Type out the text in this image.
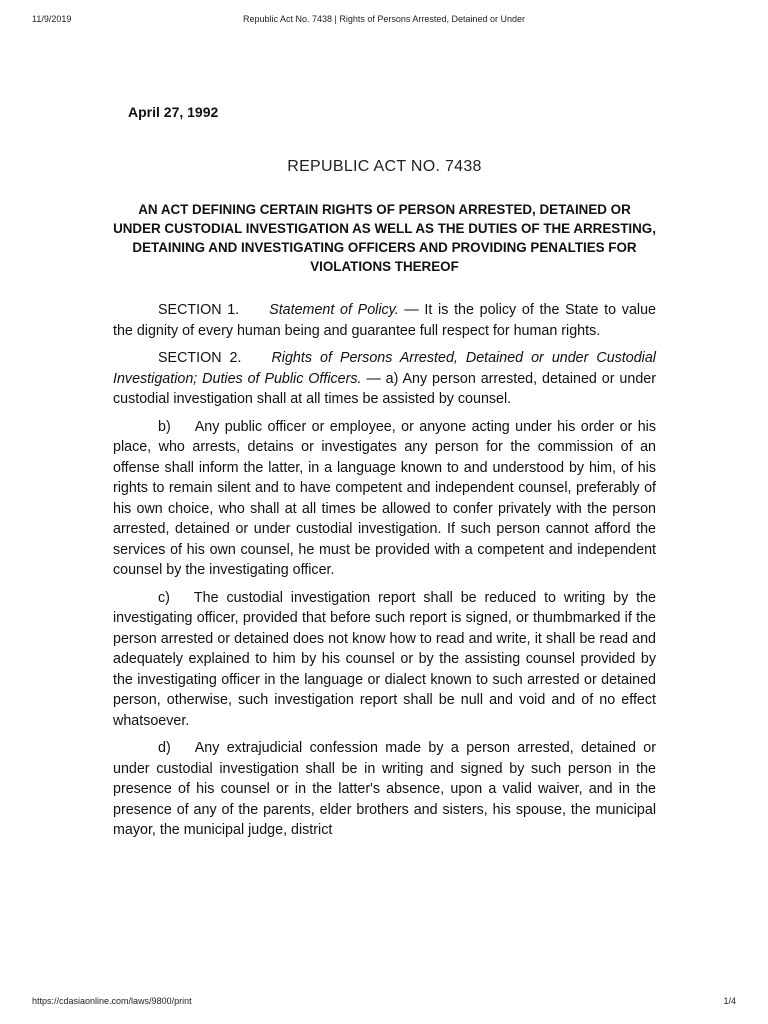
11/9/2019	Republic Act No. 7438 | Rights of Persons Arrested, Detained or Under
April 27, 1992
REPUBLIC ACT NO. 7438
AN ACT DEFINING CERTAIN RIGHTS OF PERSON ARRESTED, DETAINED OR UNDER CUSTODIAL INVESTIGATION AS WELL AS THE DUTIES OF THE ARRESTING, DETAINING AND INVESTIGATING OFFICERS AND PROVIDING PENALTIES FOR VIOLATIONS THEREOF

SECTION 1. Statement of Policy. — It is the policy of the State to value the dignity of every human being and guarantee full respect for human rights.

SECTION 2. Rights of Persons Arrested, Detained or under Custodial Investigation; Duties of Public Officers. — a) Any person arrested, detained or under custodial investigation shall at all times be assisted by counsel.

b) Any public officer or employee, or anyone acting under his order or his place, who arrests, detains or investigates any person for the commission of an offense shall inform the latter, in a language known to and understood by him, of his rights to remain silent and to have competent and independent counsel, preferably of his own choice, who shall at all times be allowed to confer privately with the person arrested, detained or under custodial investigation. If such person cannot afford the services of his own counsel, he must be provided with a competent and independent counsel by the investigating officer.

c) The custodial investigation report shall be reduced to writing by the investigating officer, provided that before such report is signed, or thumbmarked if the person arrested or detained does not know how to read and write, it shall be read and adequately explained to him by his counsel or by the assisting counsel provided by the investigating officer in the language or dialect known to such arrested or detained person, otherwise, such investigation report shall be null and void and of no effect whatsoever.

d) Any extrajudicial confession made by a person arrested, detained or under custodial investigation shall be in writing and signed by such person in the presence of his counsel or in the latter's absence, upon a valid waiver, and in the presence of any of the parents, elder brothers and sisters, his spouse, the municipal mayor, the municipal judge, district

https://cdasiaonline.com/laws/9800/print	1/4
